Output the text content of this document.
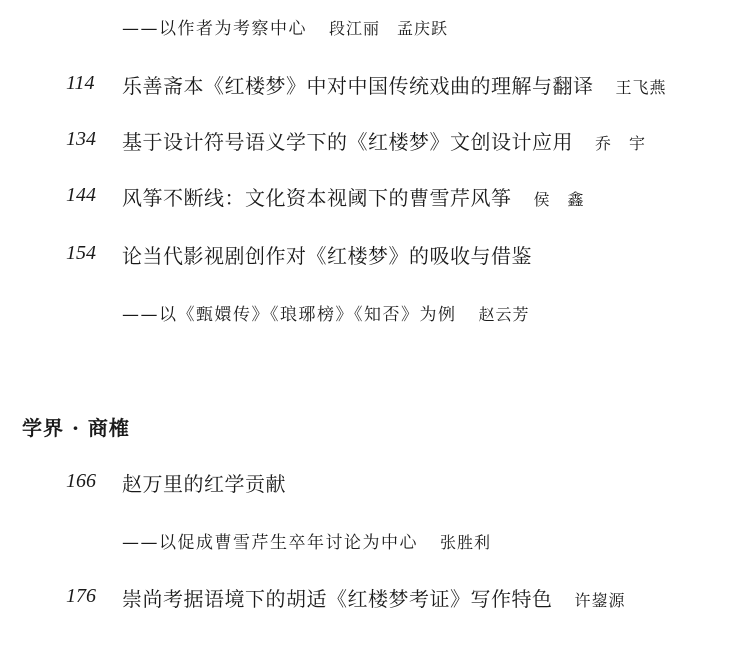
——以作者为考察中心 段江丽　孟庆跃
114 乐善斋本《红楼梦》中对中国传统戏曲的理解与翻译 王飞燕
134 基于设计符号语义学下的《红楼梦》文创设计应用 乔　宇
144 风筝不断线：文化资本视阈下的曹雪芹风筝 侯　鑫
154 论当代影视剧创作对《红楼梦》的吸收与借鉴
——以《甄嬛传》《琅琊榜》《知否》为例 赵云芳
学界 · 商榷
166 赵万里的红学贡献
——以促成曹雪芹生卒年讨论为中心 张胜利
176 崇尚考据语境下的胡适《红楼梦考证》写作特色 许鋆源
